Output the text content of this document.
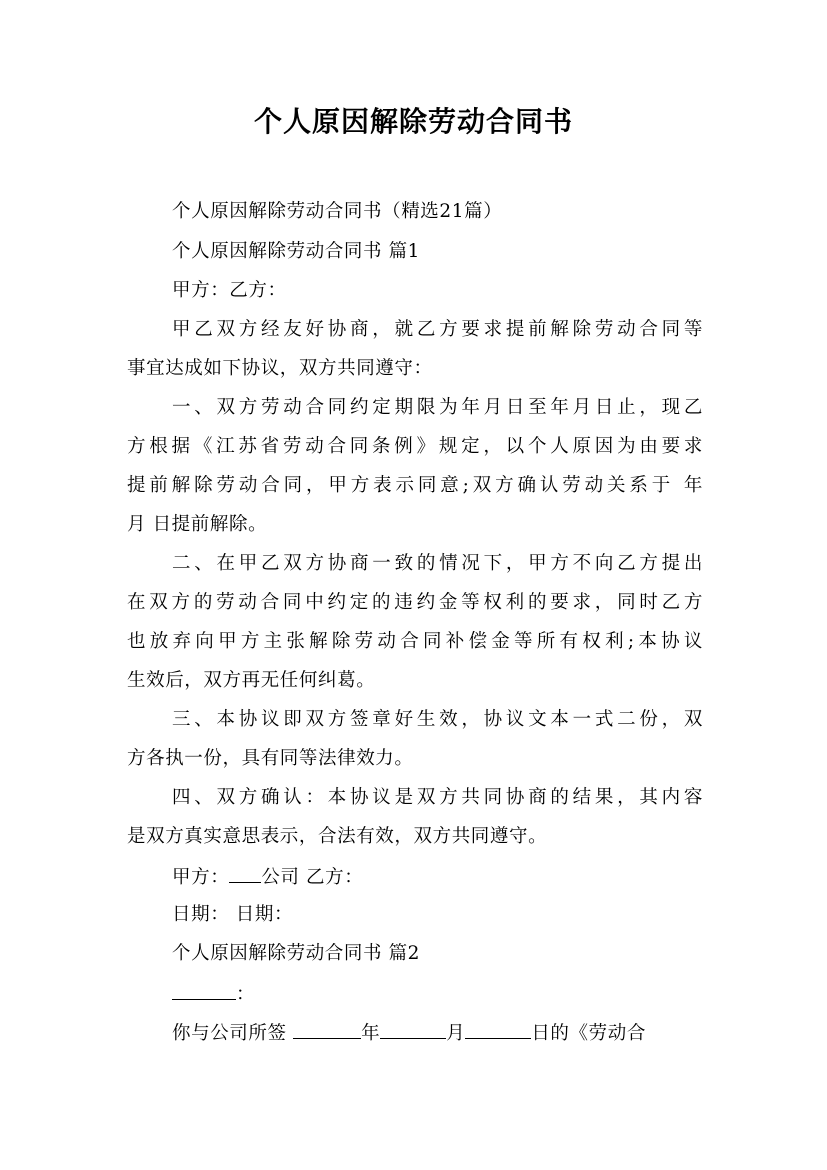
个人原因解除劳动合同书
个人原因解除劳动合同书（精选21篇）
个人原因解除劳动合同书 篇1
甲方：乙方：
甲乙双方经友好协商，就乙方要求提前解除劳动合同等
事宜达成如下协议，双方共同遵守：
一、双方劳动合同约定期限为年月日至年月日止，现乙
方根据《江苏省劳动合同条例》规定，以个人原因为由要求
提前解除劳动合同，甲方表示同意;双方确认劳动关系于 年
月 日提前解除。
二、在甲乙双方协商一致的情况下，甲方不向乙方提出
在双方的劳动合同中约定的违约金等权利的要求，同时乙方
也放弃向甲方主张解除劳动合同补偿金等所有权利;本协议
生效后，双方再无任何纠葛。
三、本协议即双方签章好生效，协议文本一式二份，双
方各执一份，具有同等法律效力。
四、双方确认：本协议是双方共同协商的结果，其内容
是双方真实意思表示，合法有效，双方共同遵守。
甲方： 公司 乙方：
日期： 日期：
个人原因解除劳动合同书 篇2
：
你与公司所签	年	月	日的《劳动合
